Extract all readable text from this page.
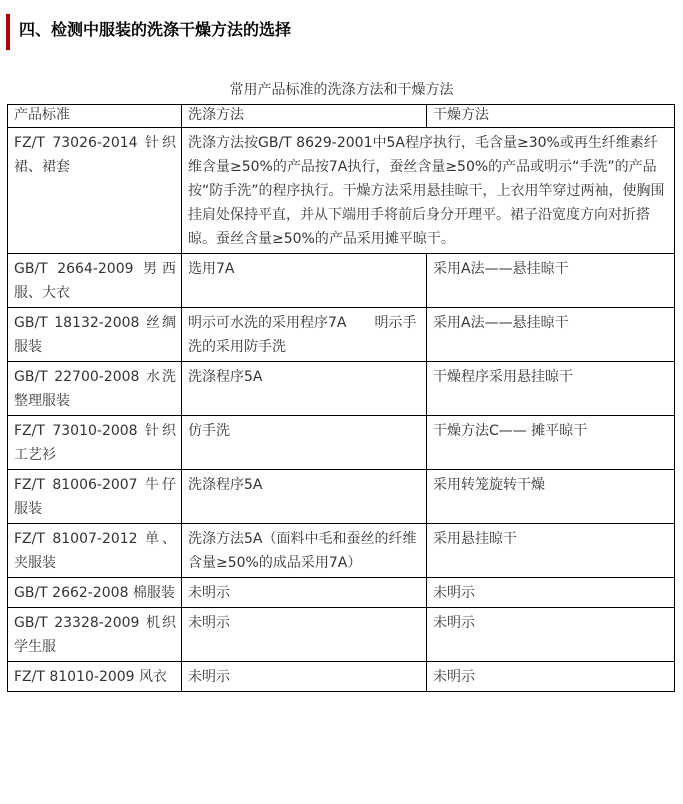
四、检测中服装的洗涤干燥方法的选择
常用产品标准的洗涤方法和干燥方法
产品标准	洗涤方法	干燥方法
FZ/T 73026-2014 针织裙、裙套	洗涤方法按GB/T 8629-2001中5A程序执行，毛含量≥30%或再生纤维素纤维含量≥50%的产品按7A执行，蚕丝含量≥50%的产品或明示“手洗”的产品按“防手洗”的程序执行。干燥方法采用悬挂晾干，上衣用竿穿过两袖，使胸围挂肩处保持平直，并从下端用手将前后身分开理平。裙子沿宽度方向对折搭晾。蚕丝含量≥50%的产品采用摊平晾干。	
GB/T 2664-2009 男西服、大衣	选用7A	采用A法——悬挂晾干
GB/T 18132-2008 丝绸服装	明示可水洗的采用程序7A　　明示手洗的采用防手洗	采用A法——悬挂晾干
GB/T 22700-2008 水洗整理服装	洗涤程序5A	干燥程序采用悬挂晾干
FZ/T 73010-2008 针织工艺衫	仿手洗	干燥方法C—— 摊平晾干
FZ/T 81006-2007 牛仔服装	洗涤程序5A	采用转笼旋转干燥
FZ/T 81007-2012 单、夹服装	洗涤方法5A（面料中毛和蚕丝的纤维含量≥50%的成品采用7A）	采用悬挂晾干
GB/T 2662-2008 棉服装	未明示	未明示
GB/T 23328-2009 机织学生服	未明示	未明示
FZ/T 81010-2009 风衣	未明示	未明示
